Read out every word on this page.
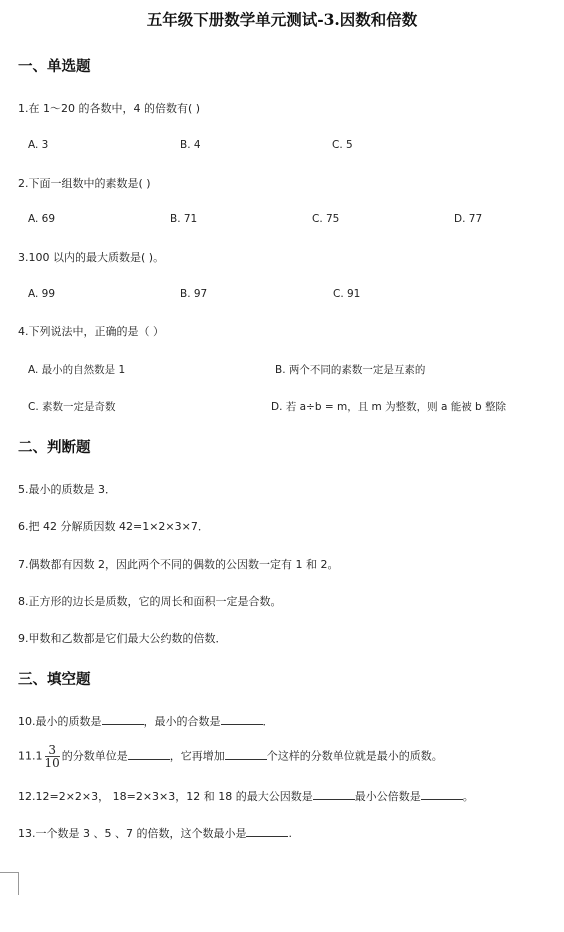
五年级下册数学单元测试-3.因数和倍数
一、单选题
1.在 1～20 的各数中，4 的倍数有( )
A. 3	B. 4	C. 5
2.下面一组数中的素数是( )
A. 69	B. 71	C. 75	D. 77
3.100 以内的最大质数是( )。
A. 99	B. 97	C. 91
4.下列说法中，正确的是（ ）
A. 最小的自然数是 1	B. 两个不同的素数一定是互素的
C. 素数一定是奇数	D. 若 a÷b = m，且 m 为整数，则 a 能被 b 整除
二、判断题
5.最小的质数是 3．
6.把 42 分解质因数 42=1×2×3×7．
7.偶数都有因数 2，因此两个不同的偶数的公因数一定有 1 和 2。
8.正方形的边长是质数，它的周长和面积一定是合数。
9.甲数和乙数都是它们最大公约数的倍数．
三、填空题
10.最小的质数是	，最小的合数是	．
$11.1 \frac{3}{10}$ 的分数单位是	，它再增加	个这样的分数单位就是最小的质数。
12.12=2×2×3， 18=2×3×3，12 和 18 的最大公因数是	最小公倍数是	。
13.一个数是 3 、5 、7 的倍数，这个数最小是	.
